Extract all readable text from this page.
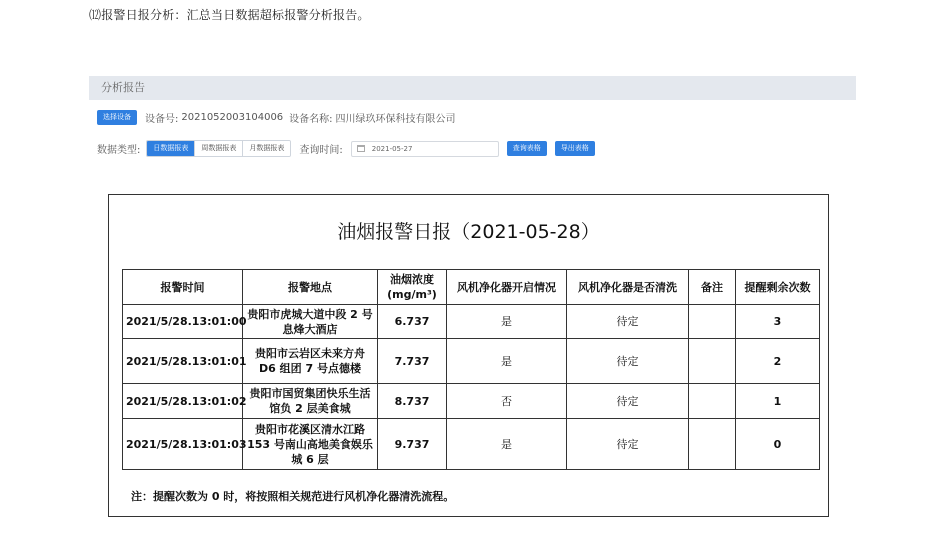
⑿报警日报分析：汇总当日数据超标报警分析报告。
分析报告
选择设备	设备号: 2021052003104006 设备名称: 四川绿玖环保科技有限公司
数据类型:	日数据报表	周数据报表	月数据报表	查询时间:	2021-05-27	查询表格	导出表格
油烟报警日报（2021-05-28）
报警时间	报警地点	油烟浓度
(mg/m³)	风机净化器开启情况	风机净化器是否清洗	备注	提醒剩余次数
2021/5/28.13:01:00	贵阳市虎城大道中段 2 号息烽大酒店	6.737	是	待定		3
2021/5/28.13:01:01	贵阳市云岩区未来方舟 D6 组团 7 号点德楼	7.737	是	待定		2
2021/5/28.13:01:02	贵阳市国贸集团快乐生活馆负 2 层美食城	8.737	否	待定		1
2021/5/28.13:01:03	贵阳市花溪区清水江路 153 号南山高地美食娱乐城 6 层	9.737	是	待定		0
注：提醒次数为 0 时，将按照相关规范进行风机净化器清洗流程。
